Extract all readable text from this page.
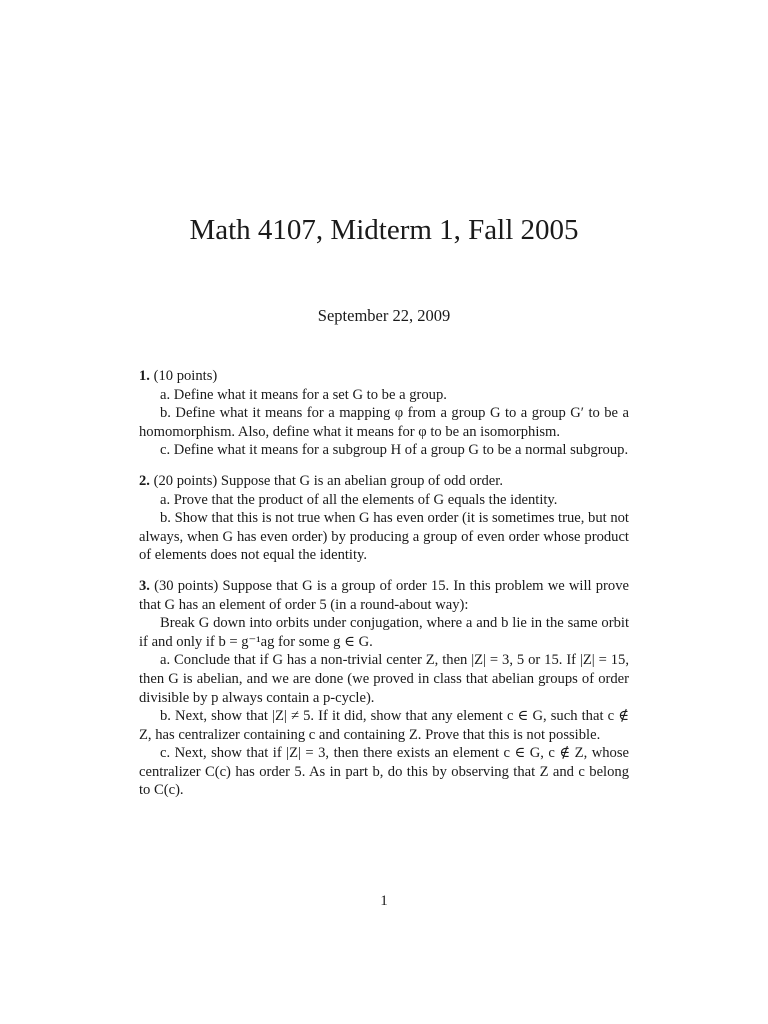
Math 4107, Midterm 1, Fall 2005
September 22, 2009

1. (10 points)

a. Define what it means for a set G to be a group.

b. Define what it means for a mapping φ from a group G to a group G′ to be a homomorphism. Also, define what it means for φ to be an isomorphism.

c. Define what it means for a subgroup H of a group G to be a normal subgroup.

2. (20 points) Suppose that G is an abelian group of odd order.

a. Prove that the product of all the elements of G equals the identity.

b. Show that this is not true when G has even order (it is sometimes true, but not always, when G has even order) by producing a group of even order whose product of elements does not equal the identity.

3. (30 points) Suppose that G is a group of order 15. In this problem we will prove that G has an element of order 5 (in a round-about way):

Break G down into orbits under conjugation, where a and b lie in the same orbit if and only if b = g⁻¹ag for some g ∈ G.

a. Conclude that if G has a non-trivial center Z, then |Z| = 3, 5 or 15. If |Z| = 15, then G is abelian, and we are done (we proved in class that abelian groups of order divisible by p always contain a p-cycle).

b. Next, show that |Z| ≠ 5. If it did, show that any element c ∈ G, such that c ∉ Z, has centralizer containing c and containing Z. Prove that this is not possible.

c. Next, show that if |Z| = 3, then there exists an element c ∈ G, c ∉ Z, whose centralizer C(c) has order 5. As in part b, do this by observing that Z and c belong to C(c).

1
